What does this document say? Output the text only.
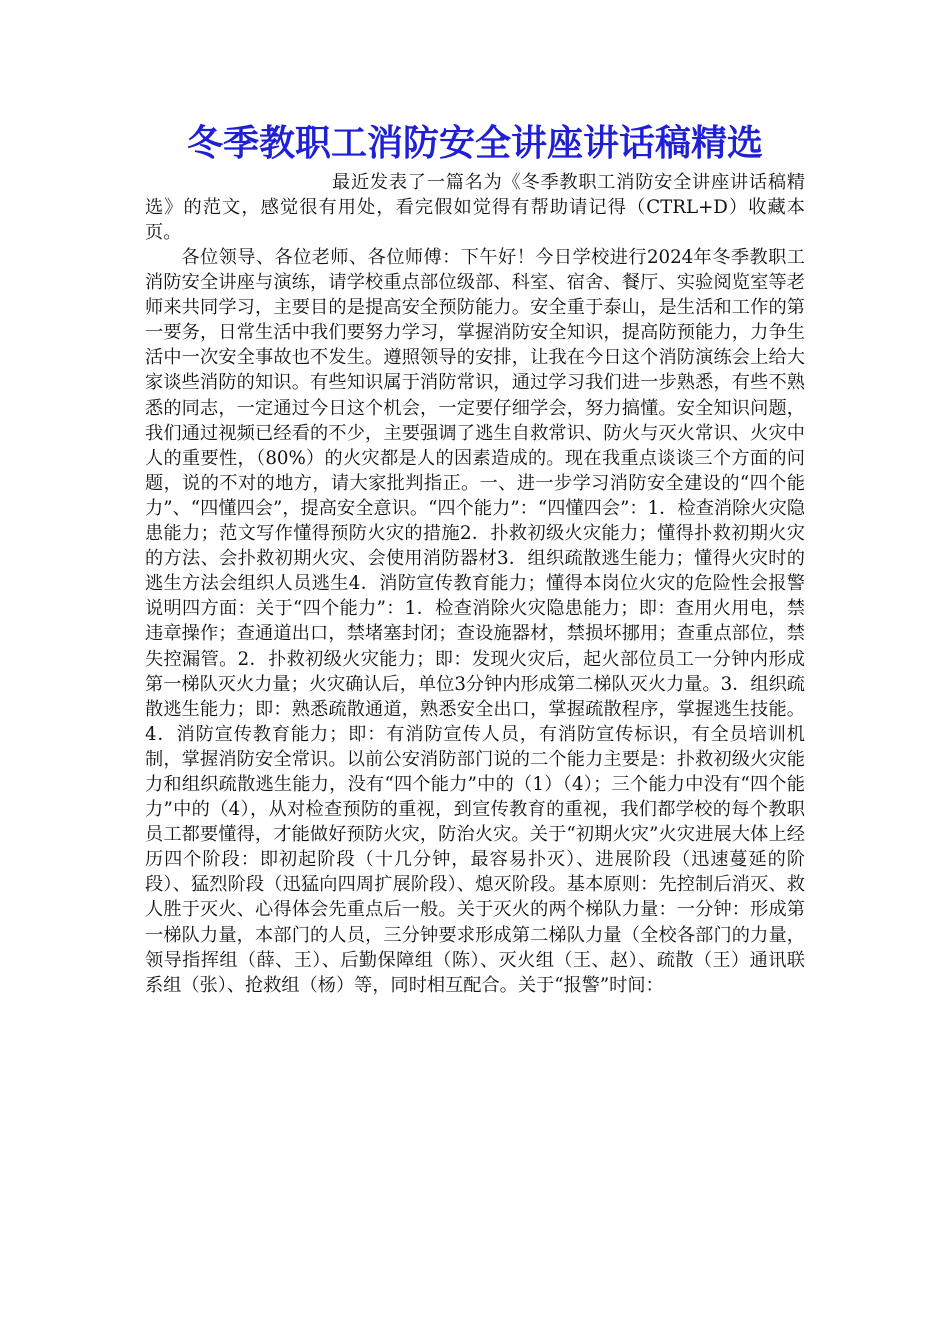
冬季教职工消防安全讲座讲话稿精选

最近发表了一篇名为《冬季教职工消防安全讲座讲话稿精选》的范文，感觉很有用处，看完假如觉得有帮助请记得（CTRL+D）收藏本页。

各位领导、各位老师、各位师傅：下午好！今日学校进行2024年冬季教职工消防安全讲座与演练，请学校重点部位级部、科室、宿舍、餐厅、实验阅览室等老师来共同学习，主要目的是提高安全预防能力。安全重于泰山，是生活和工作的第一要务，日常生活中我们要努力学习，掌握消防安全知识，提高防预能力，力争生活中一次安全事故也不发生。遵照领导的安排，让我在今日这个消防演练会上给大家谈些消防的知识。有些知识属于消防常识，通过学习我们进一步熟悉，有些不熟悉的同志，一定通过今日这个机会，一定要仔细学会，努力搞懂。安全知识问题，我们通过视频已经看的不少，主要强调了逃生自救常识、防火与灭火常识、火灾中人的重要性，（80%）的火灾都是人的因素造成的。现在我重点谈谈三个方面的问题，说的不对的地方，请大家批判指正。一、进一步学习消防安全建设的“四个能力”、“四懂四会”，提高安全意识。“四个能力”：“四懂四会”：1．检查消除火灾隐患能力；范文写作懂得预防火灾的措施2．扑救初级火灾能力；懂得扑救初期火灾的方法、会扑救初期火灾、会使用消防器材3．组织疏散逃生能力；懂得火灾时的逃生方法会组织人员逃生4．消防宣传教育能力；懂得本岗位火灾的危险性会报警说明四方面：关于“四个能力”：1．检查消除火灾隐患能力；即：查用火用电，禁违章操作；查通道出口，禁堵塞封闭；查设施器材，禁损坏挪用；查重点部位，禁失控漏管。2．扑救初级火灾能力；即：发现火灾后，起火部位员工一分钟内形成第一梯队灭火力量；火灾确认后，单位3分钟内形成第二梯队灭火力量。3．组织疏散逃生能力；即：熟悉疏散通道，熟悉安全出口，掌握疏散程序，掌握逃生技能。4．消防宣传教育能力；即：有消防宣传人员，有消防宣传标识，有全员培训机制，掌握消防安全常识。以前公安消防部门说的二个能力主要是：扑救初级火灾能力和组织疏散逃生能力，没有“四个能力”中的（1）（4）；三个能力中没有“四个能力”中的（4），从对检查预防的重视，到宣传教育的重视，我们都学校的每个教职员工都要懂得，才能做好预防火灾，防治火灾。关于“初期火灾”火灾进展大体上经历四个阶段：即初起阶段（十几分钟，最容易扑灭）、进展阶段（迅速蔓延的阶段）、猛烈阶段（迅猛向四周扩展阶段）、熄灭阶段。基本原则：先控制后消灭、救人胜于灭火、心得体会先重点后一般。关于灭火的两个梯队力量：一分钟：形成第一梯队力量，本部门的人员，三分钟要求形成第二梯队力量（全校各部门的力量，领导指挥组（薛、王）、后勤保障组（陈）、灭火组（王、赵）、疏散（王）通讯联系组（张）、抢救组（杨）等，同时相互配合。关于“报警”时间：
